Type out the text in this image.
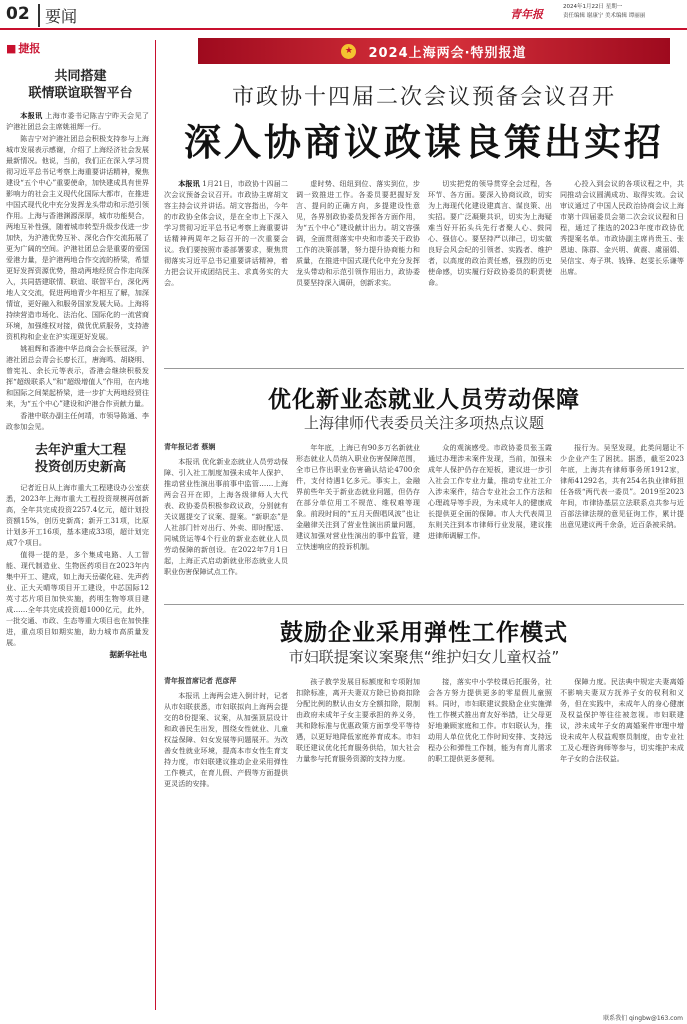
02 要闻	青年报
2024年1月22日 星期一
责任编辑 谢康宁 美术编辑 谭丽丽
■ 捷报
共同搭建
联情联谊联智平台

本报讯 上海市委书记陈吉宁昨天会见了沪港社团总会主席姚祖辉一行。

陈吉宁对沪港社团总会积极支持参与上海城市发展表示感谢，介绍了上海经济社会发展最新情况。他说，当前，我们正在深入学习贯彻习近平总书记考察上海重要讲话精神，聚焦建设“五个中心”重要使命，加快建成具有世界影响力的社会主义现代化国际大都市，在推进中国式现代化中充分发挥龙头带动和示范引领作用。上海与香港渊源深厚，城市功能契合，两地互补性强，随着城市转型升级步伐进一步加快，为沪港优势互补、深化合作交流拓展了更为广阔的空间。沪港社团总会是重要的爱国爱港力量，是沪港两地合作交流的桥梁，希望更好发挥资源优势，推动两地经贸合作走向深入，共同搭建联情、联谊、联智平台，深化两地人文交流，促进两地青少年相互了解，加深情谊，更好融入和服务国家发展大局。上海将持续营造市场化、法治化、国际化的一流营商环境，加强维权对接，做优优质服务，支持港资机构和企业在沪实现更好发展。

姚祖辉和香港中华总商会会长蔡冠深，沪港社团总会青会长廖长江，唐海鸣、胡晓明、曾宪礼、余长元等表示，香港会继续积极发挥“超级联系人”和“超级增值人”作用，在内地和国际之间架起桥梁，进一步扩大两地经贸往来，为“五个中心”建设和沪港合作贡献力量。

香港中联办副主任何靖，市领导陈通、李政参加会见。

去年沪重大工程
投资创历史新高

记者近日从上海市重大工程建设办公室获悉，2023年上海市重大工程投资规模再创新高，全年共完成投资2257.4亿元，超计划投资额15%，创历史新高；新开工31项，比原计划多开工16项，基本建成33项，超计划完成7个项目。

值得一提的是，多个集成电路、人工智能、现代制造业、生物医药项目在2023年内集中开工、建成，如上海天岳碳化硅、先声药业、正大天晴等项目开工建设，中芯国际12英寸芯片项目加快实施，药明生物等项目建成……全年共完成投资超1000亿元，此外，一批交通、市政、生态等重大项目也在加快推进，重点项目如期实施，助力城市高质量发展。

据新华社电
★ 2024上海两会·特别报道
市政协十四届二次会议预备会议召开
深入协商议政谋良策出实招

本报讯 1月21日，市政协十四届二次会议预备会议召开。市政协主席胡文容主持会议并讲话。胡文容指出，今年的市政协全体会议，是在全市上下深入学习贯彻习近平总书记考察上海重要讲话精神两周年之际召开的一次重要会议。我们要按照市委部署要求，聚焦贯彻落实习近平总书记重要讲话精神，着力把会议开成团结民主、求真务实的大会。

虚时势、纽纽到位、落实到位，步调一致推进工作。各委员要把握好发言、提问的正确方向，多提建设性意见，各界别政协委员发挥各方面作用，为“五个中心”建设献计出力。胡文容强调，全面贯彻落实中央和市委关于政协工作的决策部署，努力提升协商能力和质量，在推进中国式现代化中充分发挥龙头带动和示范引领作用出力，政协委员要坚持深入调研，创新求实。

切实把党的领导贯穿全会过程，各环节、各方面。要深入协商议政，切实为上海现代化建设建真言、谋良策、出实招。要广泛凝聚共识，切实为上海疑难当好开拓头兵先行者聚人心、鼓同心、强信心。要坚持严以律己，切实做良好会风会纪的引领者、实践者、维护者，以高度的政治责任感，强烈的历史使命感，切实履行好政协委员的职责使命。

心投入到会议的各项议程之中，共同推动会议圆满成功、取得实效。会议审议通过了中国人民政治协商会议上海市第十四届委员会第二次会议议程和日程，通过了推选的2023年度市政协优秀提案名单。市政协副主席肖贵玉、张恩迪、陈群、金兴明、黄震、虞丽娟、吴信宝、寿子琪、钱锋、赵雯长乐谦等出席。

优化新业态就业人员劳动保障
上海律师代表委员关注多项热点议题
青年报记者 蔡娴

本报讯 优化新业态就业人员劳动保障、引入社工制度加强未成年人保护、推动营业性演出事前事中监管……上海两会召开在即，上海各级律师人大代表、政协委员积极参政议政，分别就有关议题提交了议案、提案。“新职态”是人社部门针对出行、外卖、即时配送、同城货运等4个行业的新业态就业人员劳动保障的新创设。在2022年7月1日起，上海正式启动新就业形态就业人员职业伤害保障试点工作。

年年底，上海已有90多万名新就业形态就业人员纳入职业伤害保障范围，全市已作出职业伤害确认结论4700余件，支付待遇1亿多元。事实上，金融界前些年关于新业态就业问题，但仍存在部分单位用工不规范、维权难等现象。前段时间的“五月天假唱风波”也让金融律关注到了营业性演出质量问题，建议加强对营业性演出的事中监管，建立快速响应的投诉机制。

众的观演感受。市政协委员张玉霞通过办理涉未案件发现，当前，加强未成年人保护仍存在短板，建议进一步引入社会工作专业力量，推动专业社工介入涉未案件，结合专业社会工作方法和心理疏导等手段，为未成年人的健康成长提供更全面的保障。市人大代表周卫东则关注到本市律师行业发展，建议推进律师调解工作。

报行为。吴坚发现，此类问题让不少企业产生了困扰。据悉，截至2023年底，上海共有律师事务所1912家，律师41292名，共有254名执业律师担任各级“两代表一委员”。2019至2023年间，市律协基层立法联系点共参与近百部法律法规的意见征询工作，累计提出意见建议两千余条，近百条被采纳。

鼓励企业采用弹性工作模式
市妇联提案议案聚焦“维护妇女儿童权益”
青年报首席记者 范彦萍

本报讯 上海两会进入倒计时，记者从市妇联获悉，市妇联拟向上海两会提交的8份提案、议案，从加强顶层设计和政善民生出发，围绕女性就业、儿童权益保障、妇女发展等问题展开。为改善女性就业环境，提高本市女性生育支持力度，市妇联建议推动企业采用弹性工作模式，在育儿假、产假等方面提供更灵活的安排。

孩子教学发展目标额度和专项附加扣除标准，离开夫妻双方除已协商扣除分配比例的默认由女方全额扣除，限制由政府未成年子女主要承担的养义务，其和除标准与优惠政策方面享受平等待遇，以更好地降低家庭养育成本。市妇联还建议优化托育服务供给，加大社会力量参与托育服务资源的支持力度。

接，落实中小学校课后托服务，社会各方努力提供更多的零星假儿童照料。同时，市妇联建议鼓励企业实施弹性工作模式推出育友好举措，让父母更好地兼顾家庭和工作。市妇联认为，推动用人单位优化工作时间安排、支持远程办公和弹性工作制，能为有育儿需求的职工提供更多便利。

保障力度。民法典中规定夫妻离婚不影响夫妻双方抚养子女的权利和义务，但在实践中，未成年人的身心健康及权益保护等往往被忽视。市妇联建议，涉未成年子女的离婚案件审理中增设未成年人权益观察员制度，由专业社工及心理咨询师等参与，切实维护未成年子女的合法权益。

联系我们 qingbw@163.com
